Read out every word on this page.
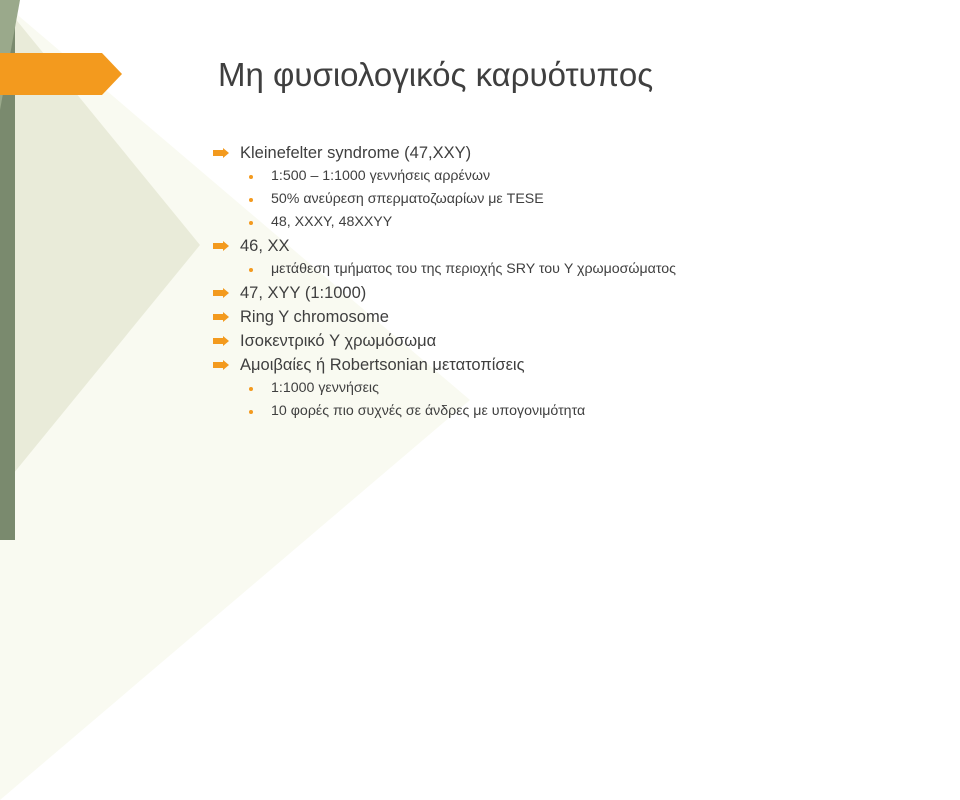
Μη φυσιολογικός καρυότυπος
Kleinefelter syndrome (47,XXY)
1:500 – 1:1000 γεννήσεις αρρένων
50% ανεύρεση σπερματοζωαρίων με TESE
48, XXXY, 48XXYY
46, XX
μετάθεση τμήματος του της περιοχής SRY του Y χρωμοσώματος
47, XYY (1:1000)
Ring Y chromosome
Ισοκεντρικό Y χρωμόσωμα
Αμοιβαίες ή Robertsonian μετατοπίσεις
1:1000 γεννήσεις
10 φορές πιο συχνές σε άνδρες με υπογονιμότητα
